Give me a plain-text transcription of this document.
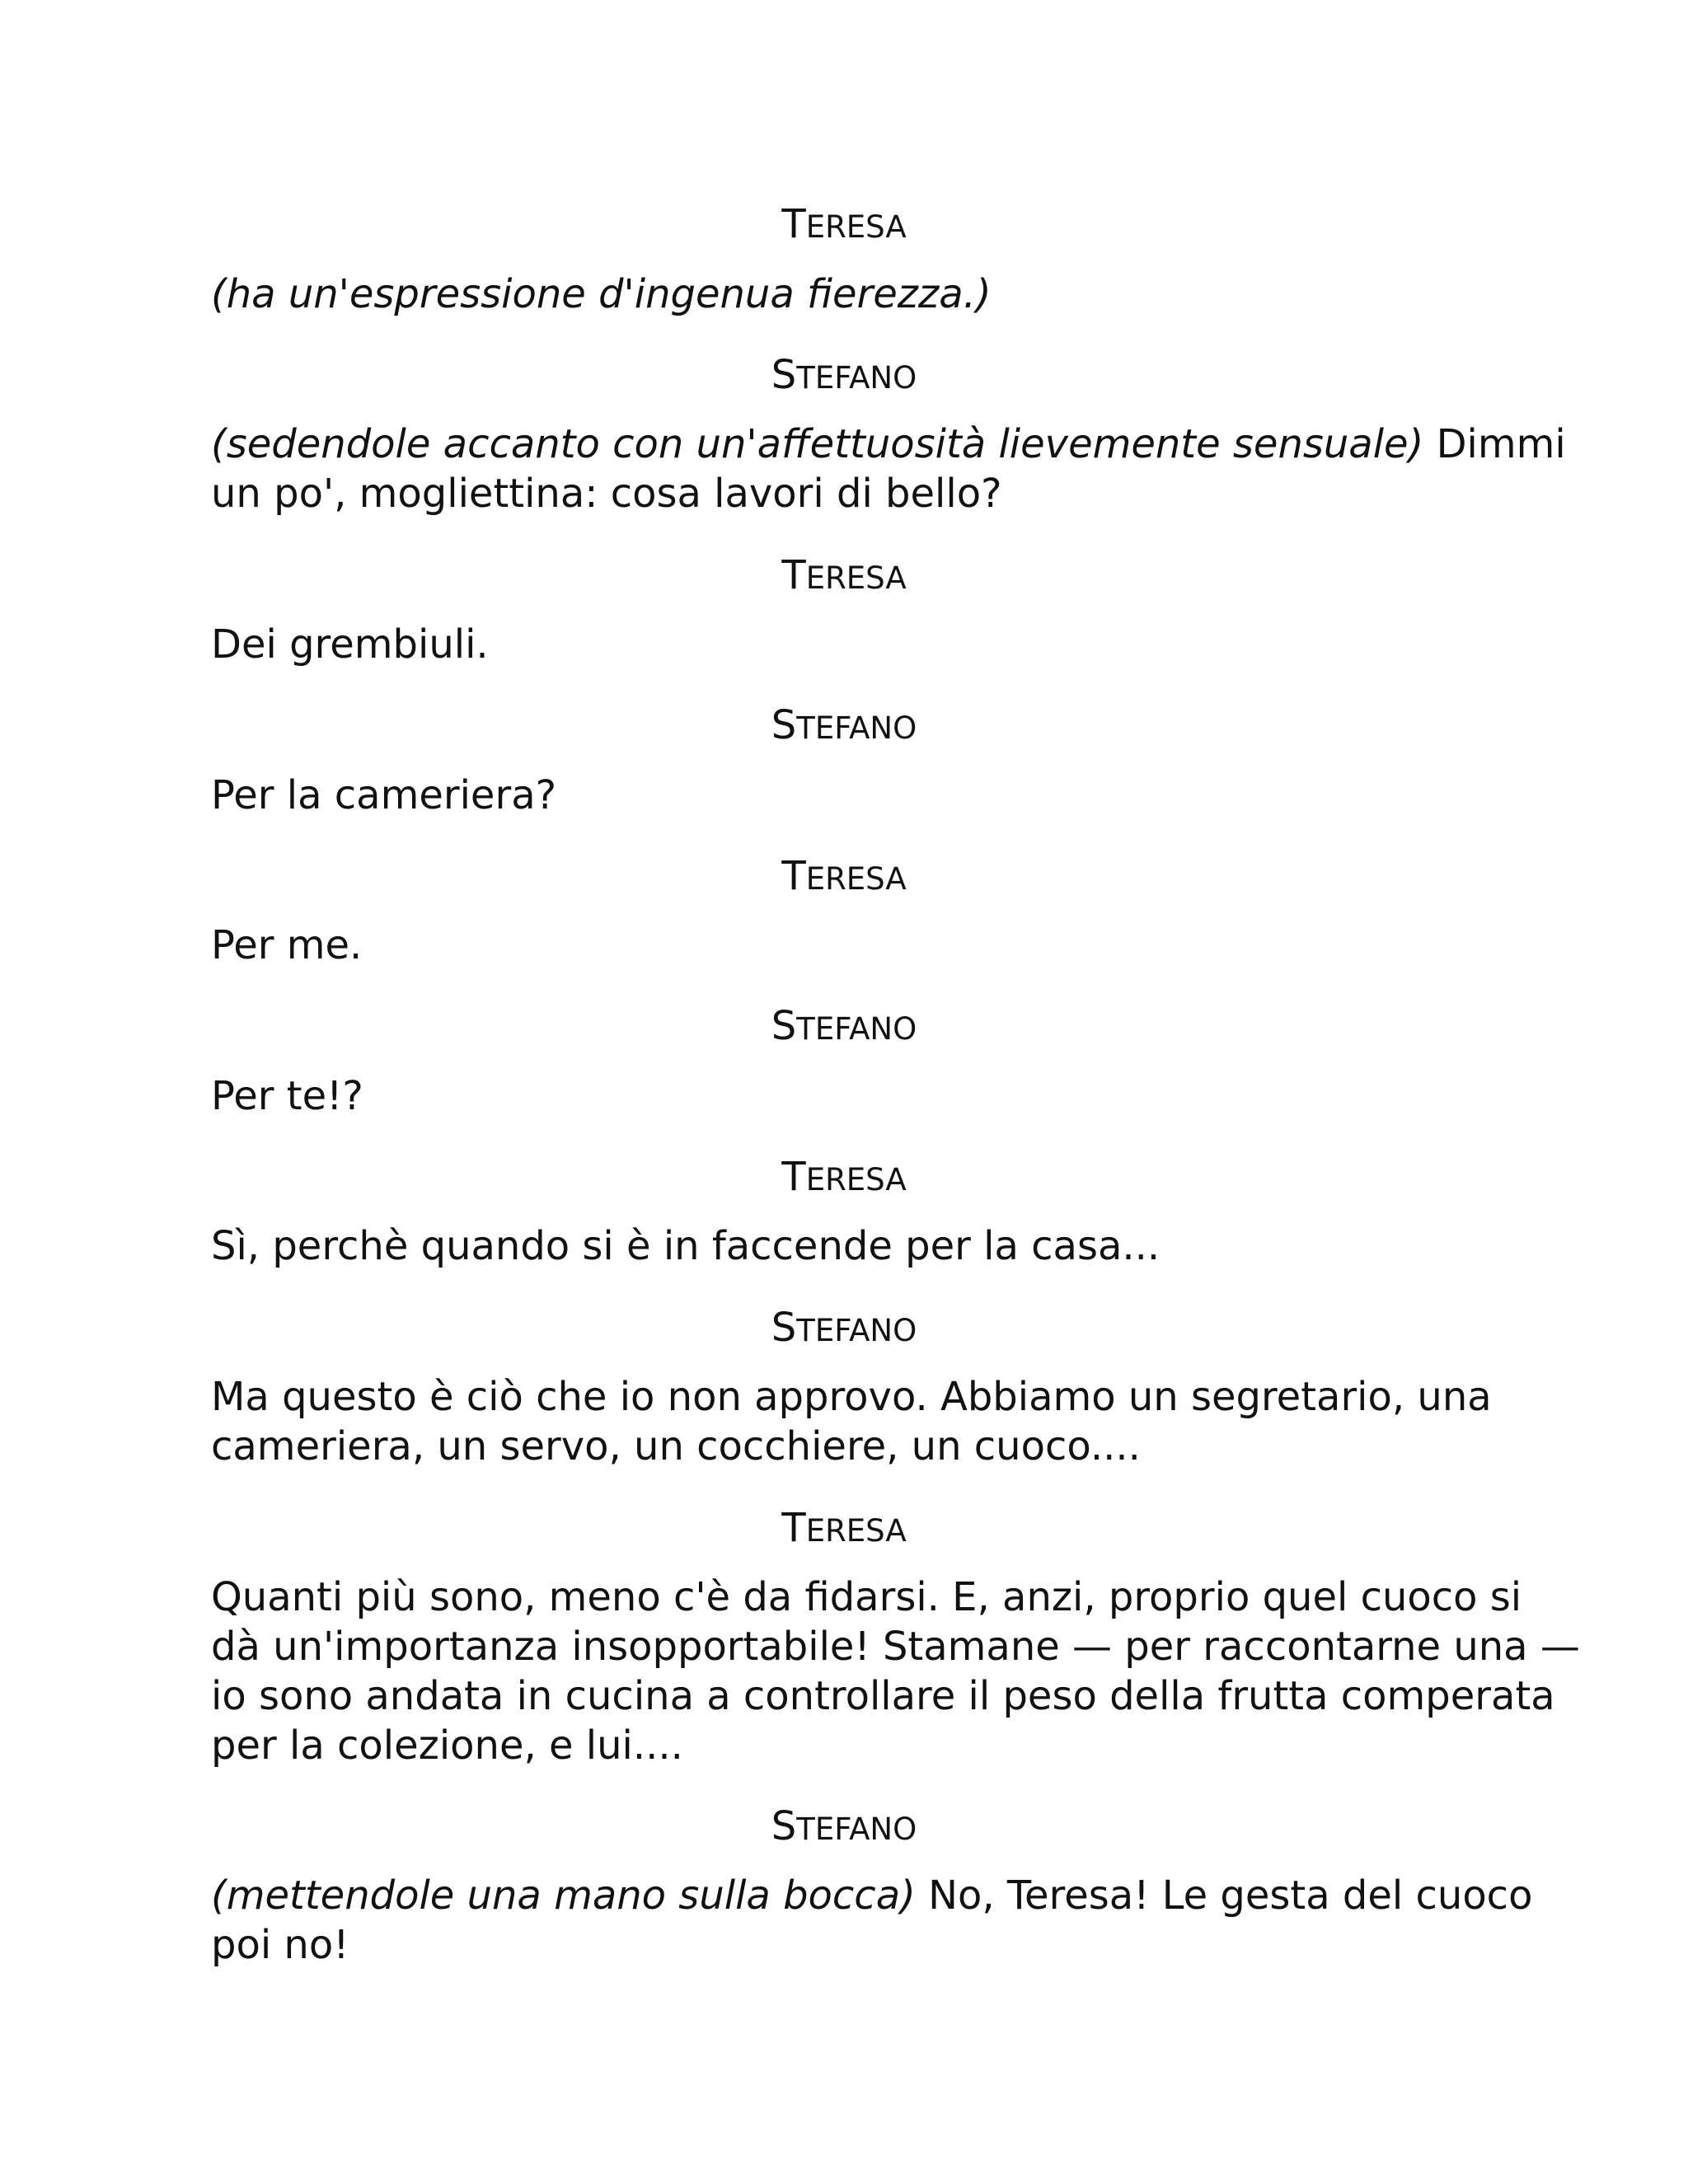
TERESA
(ha un'espressione d'ingenua fierezza.)
STEFANO
(sedendole accanto con un'affettuosità lievemente sensuale) Dimmi
un po', mogliettina: cosa lavori di bello?
TERESA
Dei grembiuli.
STEFANO
Per la cameriera?
TERESA
Per me.
STEFANO
Per te!?
TERESA
Sì, perchè quando si è in faccende per la casa...
STEFANO
Ma questo è ciò che io non approvo. Abbiamo un segretario, una
cameriera, un servo, un cocchiere, un cuoco....
TERESA
Quanti più sono, meno c'è da fidarsi. E, anzi, proprio quel cuoco si
dà un'importanza insopportabile! Stamane — per raccontarne una —
io sono andata in cucina a controllare il peso della frutta comperata
per la colezione, e lui....
STEFANO
(mettendole una mano sulla bocca) No, Teresa! Le gesta del cuoco
poi no!
